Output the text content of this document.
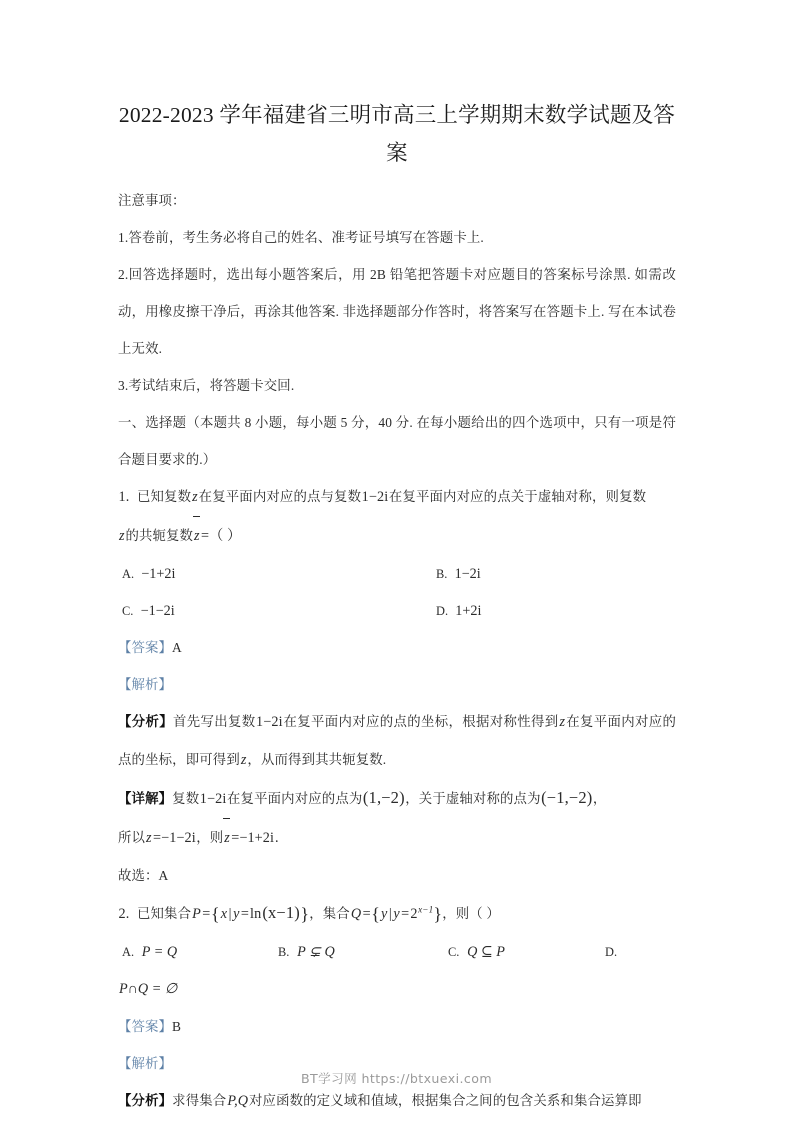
2022-2023 学年福建省三明市高三上学期期末数学试题及答案
注意事项：
1.答卷前，考生务必将自己的姓名、准考证号填写在答题卡上.
2.回答选择题时，选出每小题答案后，用 2B 铅笔把答题卡对应题目的答案标号涂黑. 如需改动，用橡皮擦干净后，再涂其他答案. 非选择题部分作答时，将答案写在答题卡上. 写在本试卷上无效.
3.考试结束后，将答题卡交回.
一、选择题（本题共 8 小题，每小题 5 分，40 分. 在每小题给出的四个选项中，只有一项是符合题目要求的.）
1. 已知复数z在复平面内对应的点与复数1−2i在复平面内对应的点关于虚轴对称，则复数
z的共轭复数z =（ ）
A. −1+2i	B. 1−2i
C. −1−2i	D. 1+2i
【答案】A
【解析】
【分析】首先写出复数1−2i在复平面内对应的点的坐标，根据对称性得到z在复平面内对应的点的坐标，即可得到z，从而得到其共轭复数.
【详解】复数1−2i在复平面内对应的点为(1,−2)，关于虚轴对称的点为(−1,−2)，
所以z =−1−2i，则z =−1+2i.
故选：A
2. 已知集合P ={x | y =ln(x−1)}，集合Q ={y | $y =2^{x-1}$}，则（ ）
A. P = Q	B. P ⊊ Q	C. Q ⊆ P	D.
P∩Q = ∅
【答案】B
【解析】
【分析】求得集合P,Q对应函数的定义域和值域，根据集合之间的包含关系和集合运算即
BT学习网 https://btxuexi.com
